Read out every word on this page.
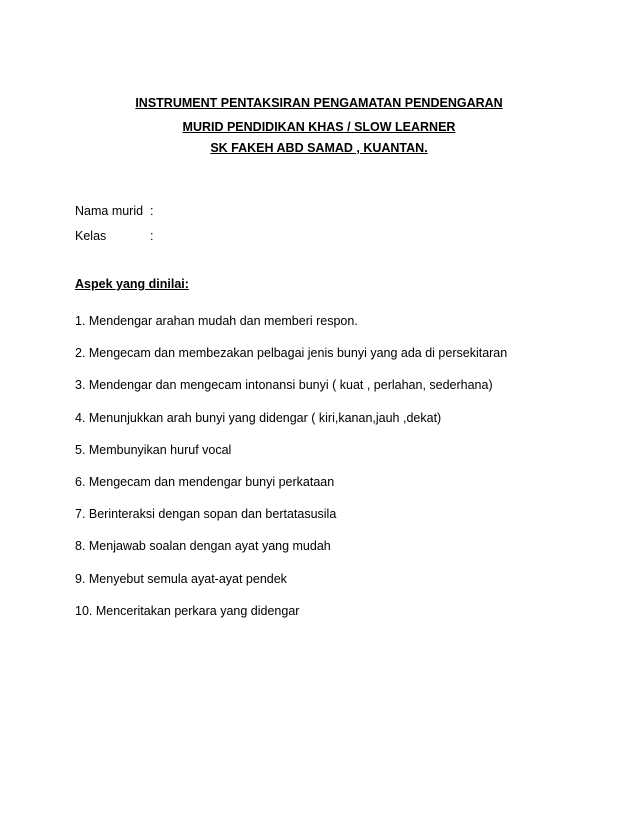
INSTRUMENT PENTAKSIRAN PENGAMATAN PENDENGARAN
MURID PENDIDIKAN KHAS / SLOW LEARNER
SK FAKEH ABD SAMAD , KUANTAN.
Nama murid :
Kelas	:
Aspek yang dinilai:
1. Mendengar arahan mudah dan memberi respon.
2. Mengecam dan membezakan pelbagai jenis bunyi yang ada di persekitaran
3. Mendengar dan mengecam intonansi bunyi ( kuat , perlahan, sederhana)
4. Menunjukkan arah bunyi yang didengar ( kiri,kanan,jauh ,dekat)
5. Membunyikan huruf vocal
6. Mengecam dan mendengar bunyi perkataan
7. Berinteraksi dengan sopan dan bertatasusila
8. Menjawab soalan dengan ayat yang mudah
9. Menyebut semula ayat-ayat pendek
10. Menceritakan perkara yang didengar
